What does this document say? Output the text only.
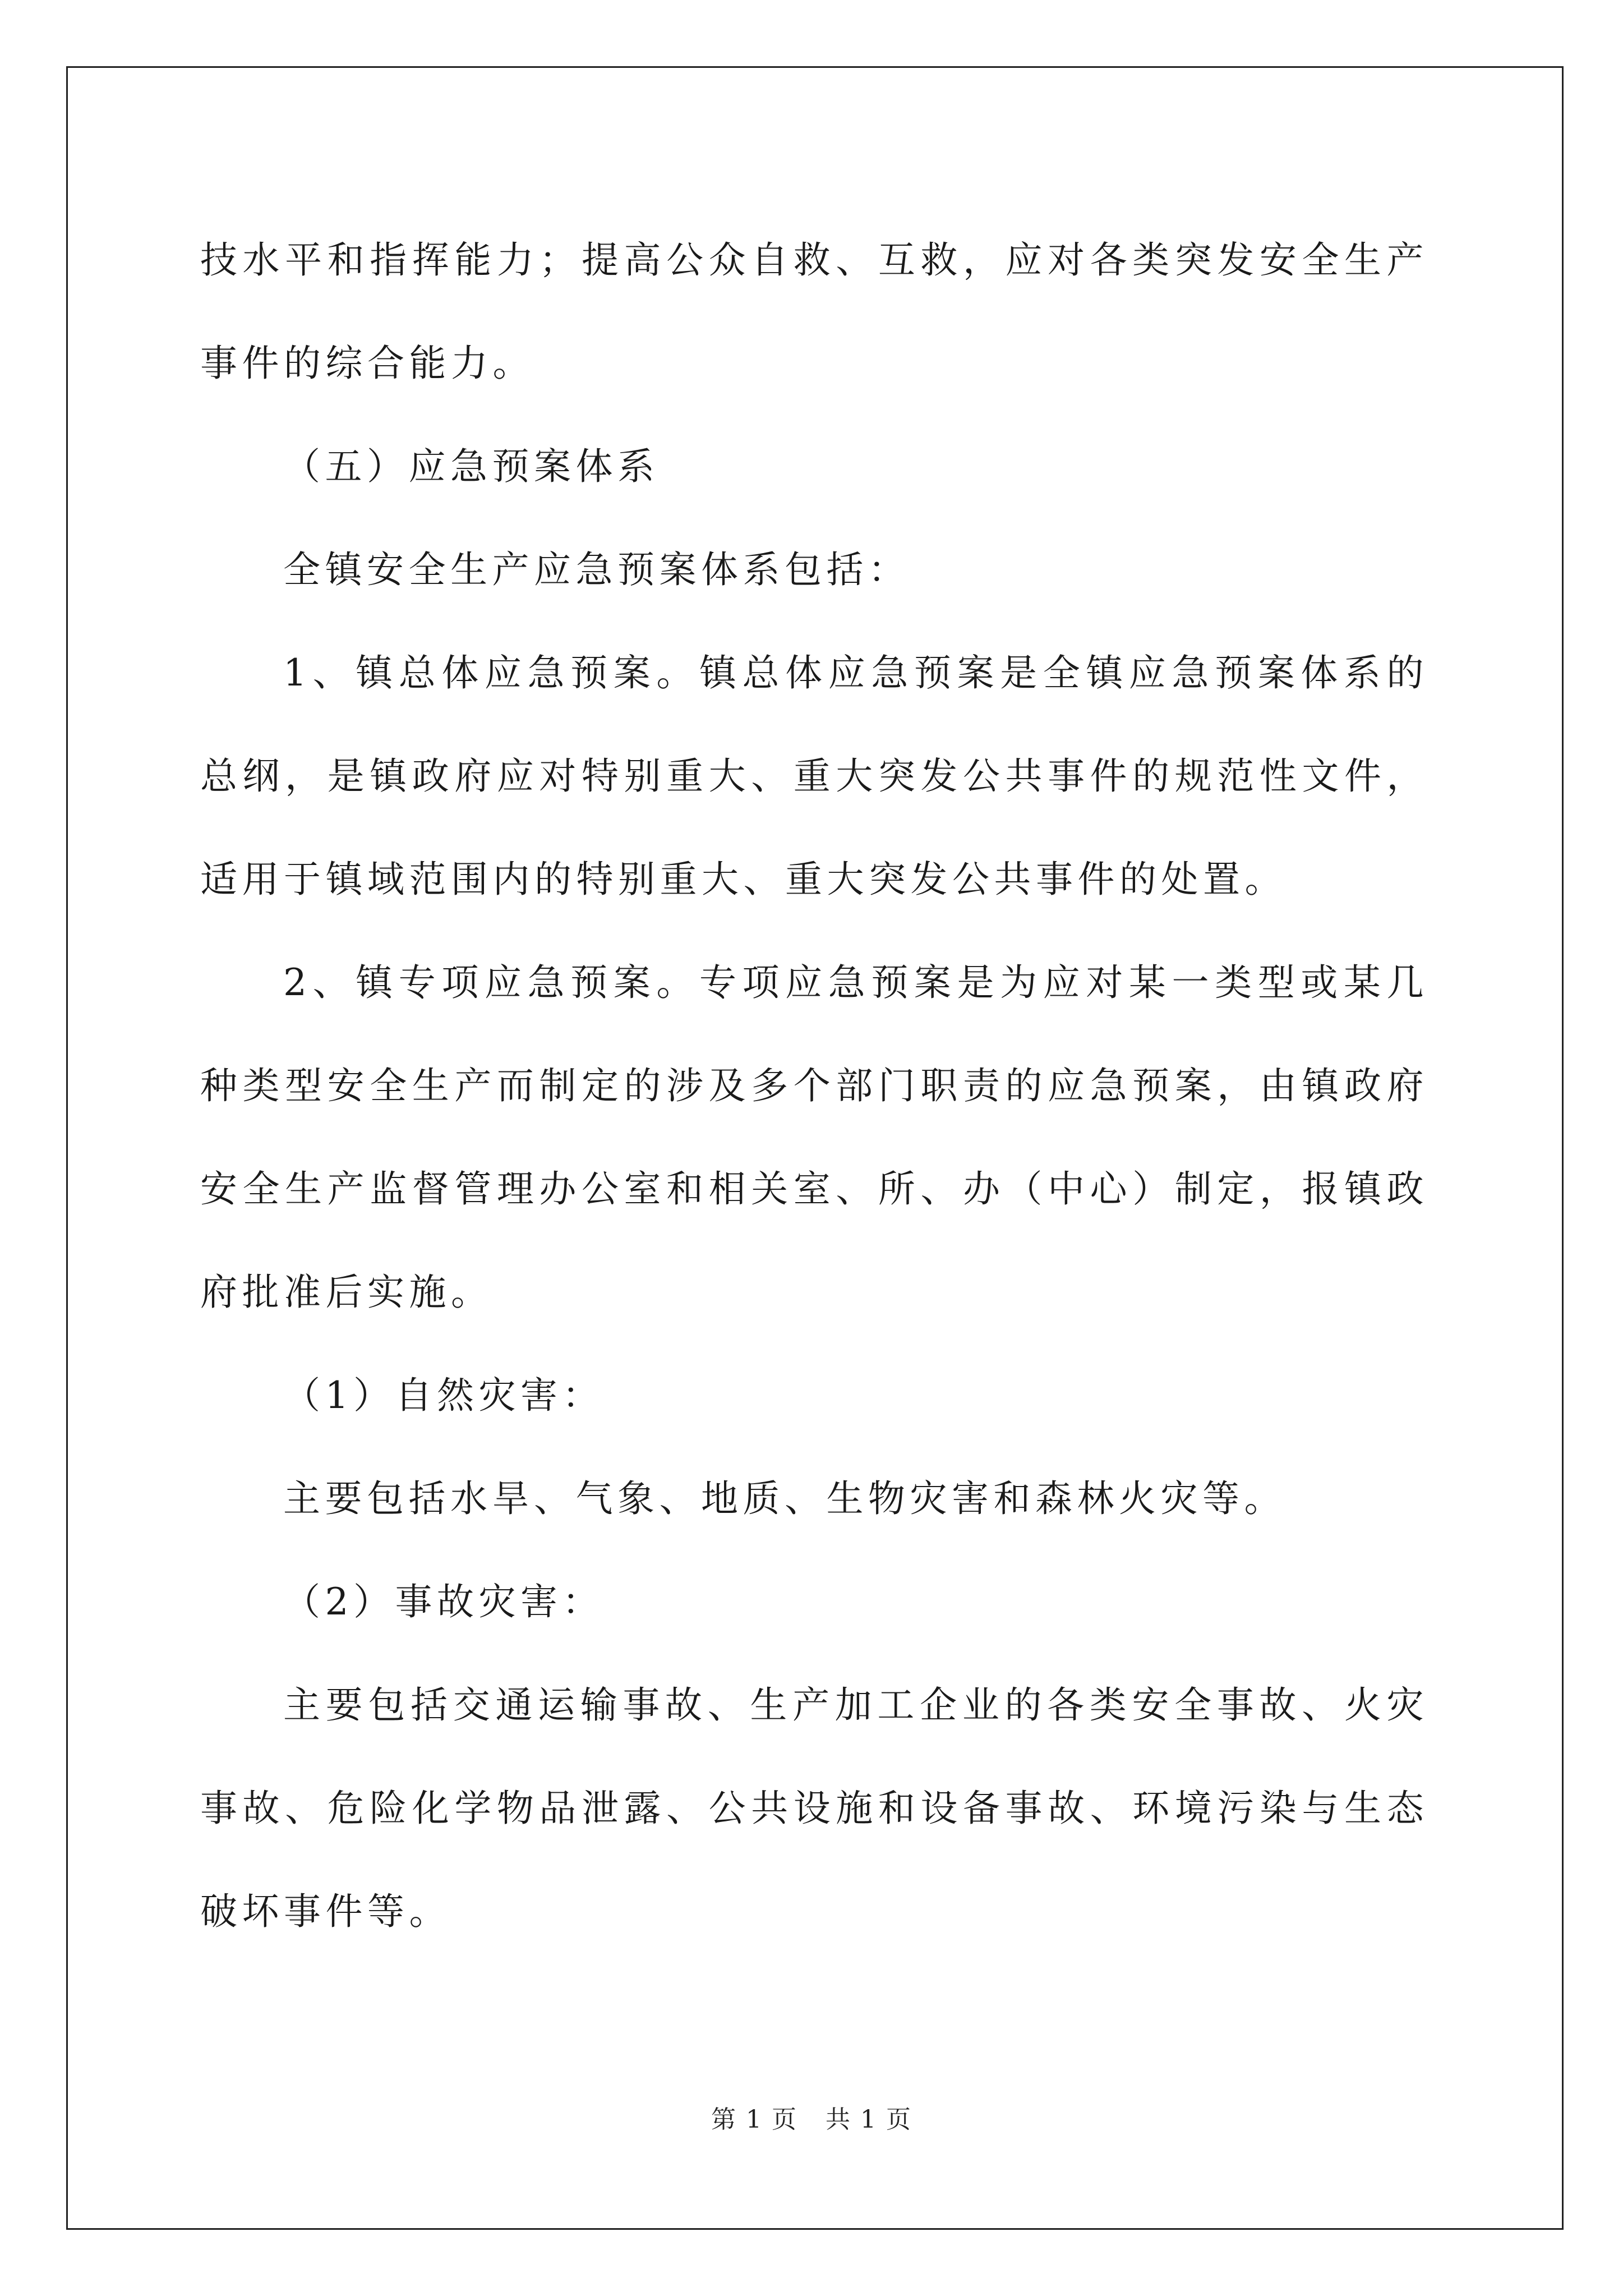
技水平和指挥能力；提高公众自救、互救，应对各类突发安全生产事件的综合能力。

（五）应急预案体系

全镇安全生产应急预案体系包括：

1、镇总体应急预案。镇总体应急预案是全镇应急预案体系的总纲，是镇政府应对特别重大、重大突发公共事件的规范性文件，适用于镇域范围内的特别重大、重大突发公共事件的处置。

2、镇专项应急预案。专项应急预案是为应对某一类型或某几种类型安全生产而制定的涉及多个部门职责的应急预案，由镇政府安全生产监督管理办公室和相关室、所、办（中心）制定，报镇政府批准后实施。

（1）自然灾害：

主要包括水旱、气象、地质、生物灾害和森林火灾等。

（2）事故灾害：

主要包括交通运输事故、生产加工企业的各类安全事故、火灾事故、危险化学物品泄露、公共设施和设备事故、环境污染与生态破坏事件等。

第 1 页 共 1 页
